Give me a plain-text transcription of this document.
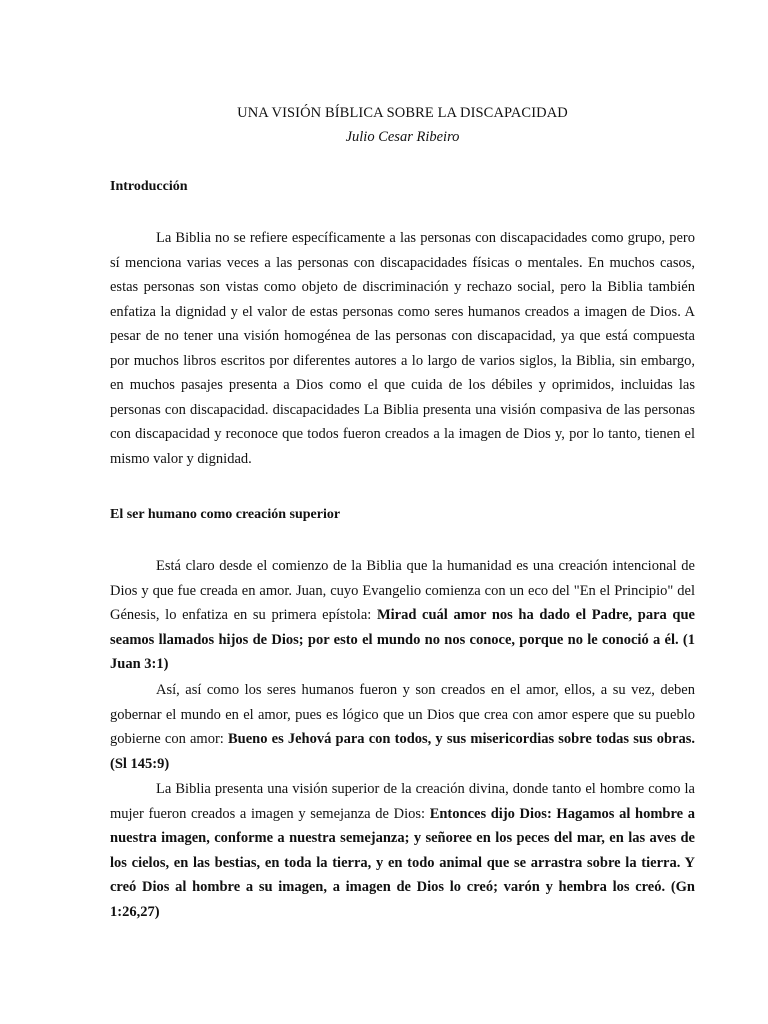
UNA VISIÓN BÍBLICA SOBRE LA DISCAPACIDAD
Julio Cesar Ribeiro
Introducción

La Biblia no se refiere específicamente a las personas con discapacidades como grupo, pero sí menciona varias veces a las personas con discapacidades físicas o mentales. En muchos casos, estas personas son vistas como objeto de discriminación y rechazo social, pero la Biblia también enfatiza la dignidad y el valor de estas personas como seres humanos creados a imagen de Dios. A pesar de no tener una visión homogénea de las personas con discapacidad, ya que está compuesta por muchos libros escritos por diferentes autores a lo largo de varios siglos, la Biblia, sin embargo, en muchos pasajes presenta a Dios como el que cuida de los débiles y oprimidos, incluidas las personas con discapacidad. discapacidades La Biblia presenta una visión compasiva de las personas con discapacidad y reconoce que todos fueron creados a la imagen de Dios y, por lo tanto, tienen el mismo valor y dignidad.

El ser humano como creación superior

Está claro desde el comienzo de la Biblia que la humanidad es una creación intencional de Dios y que fue creada en amor. Juan, cuyo Evangelio comienza con un eco del "En el Principio" del Génesis, lo enfatiza en su primera epístola: Mirad cuál amor nos ha dado el Padre, para que seamos llamados hijos de Dios; por esto el mundo no nos conoce, porque no le conoció a él. (1 Juan 3:1)

Así, así como los seres humanos fueron y son creados en el amor, ellos, a su vez, deben gobernar el mundo en el amor, pues es lógico que un Dios que crea con amor espere que su pueblo gobierne con amor: Bueno es Jehová para con todos, y sus misericordias sobre todas sus obras. (Sl 145:9)

La Biblia presenta una visión superior de la creación divina, donde tanto el hombre como la mujer fueron creados a imagen y semejanza de Dios: Entonces dijo Dios: Hagamos al hombre a nuestra imagen, conforme a nuestra semejanza; y señoree en los peces del mar, en las aves de los cielos, en las bestias, en toda la tierra, y en todo animal que se arrastra sobre la tierra. Y creó Dios al hombre a su imagen, a imagen de Dios lo creó; varón y hembra los creó. (Gn 1:26,27)
